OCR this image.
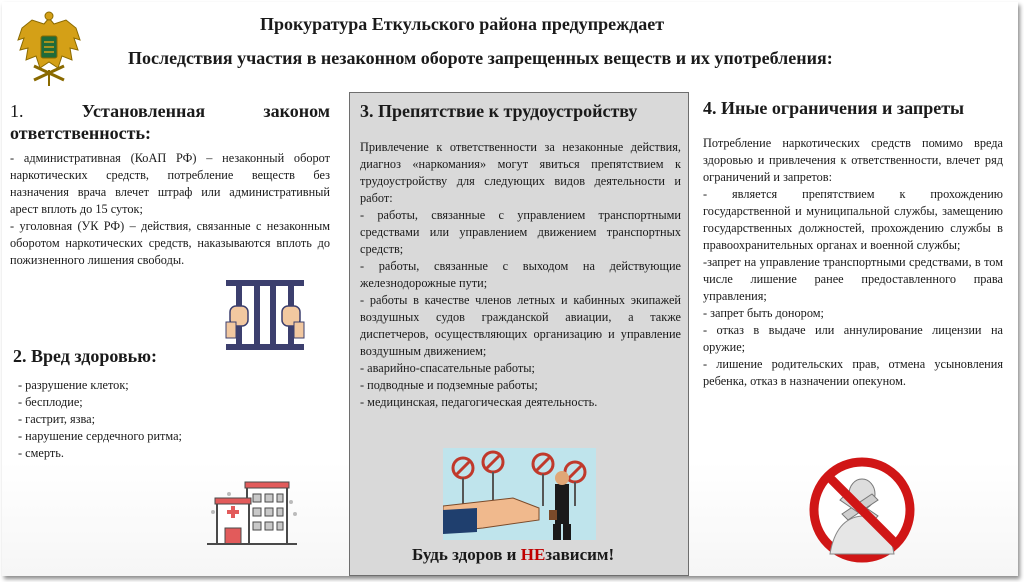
Прокуратура Еткульского района предупреждает
Последствия участия в незаконном обороте запрещенных веществ и их употребления:
1.	Установленная законом
ответственность:
- административная (КоАП РФ) – незаконный оборот наркотических средств, потребление веществ без назначения врача влечет штраф или административный арест вплоть до 15 суток;
- уголовная (УК РФ) – действия, связанные с незаконным оборотом наркотических средств, наказываются вплоть до пожизненного лишения свободы.
2. Вред здоровью:
- разрушение клеток;
- бесплодие;
- гастрит, язва;
- нарушение сердечного ритма;
- смерть.
3. Препятствие к трудоустройству
Привлечение к ответственности за незаконные действия, диагноз «наркомания» могут явиться препятствием к трудоустройству для следующих видов деятельности и работ:
- работы, связанные с управлением транспортными средствами или управлением движением транспортных средств;
- работы, связанные с выходом на действующие железнодорожные пути;
- работы в качестве членов летных и кабинных экипажей воздушных судов гражданской авиации, а также диспетчеров, осуществляющих организацию и управление воздушным движением;
- аварийно-спасательные работы;
- подводные и подземные работы;
- медицинская, педагогическая деятельность.
Будь здоров и НЕзависим!
4. Иные ограничения и запреты
Потребление наркотических средств помимо вреда здоровью и привлечения к ответственности, влечет ряд ограничений и запретов:
- является препятствием к прохождению государственной и муниципальной службы, замещению государственных должностей, прохождению службы в правоохранительных органах и военной службы;
-запрет на управление транспортными средствами, в том числе лишение ранее предоставленного права управления;
- запрет быть донором;
- отказ в выдаче или аннулирование лицензии на оружие;
- лишение родительских прав, отмена усыновления ребенка, отказ в назначении опекуном.
